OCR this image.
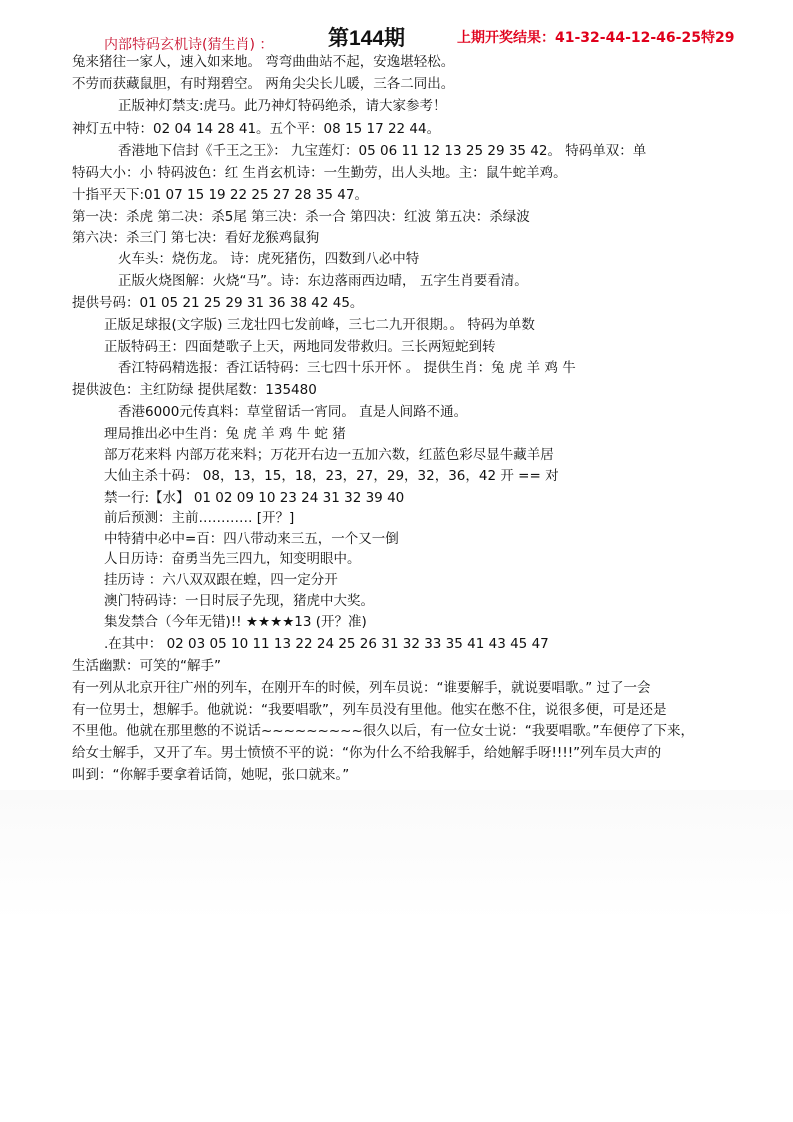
内部特码玄机诗(猜生肖) ：	第144期	上期开奖结果：41-32-44-12-46-25特29
兔来猪往一家人，速入如来地。 弯弯曲曲站不起，安逸堪轻松。
不劳而获藏鼠胆，有时翔碧空。 两角尖尖长儿暖，三各二同出。
正版神灯禁支:虎马。此乃神灯特码绝杀，请大家参考！
神灯五中特：02 04 14 28 41。五个平：08 15 17 22 44。
香港地下信封《千王之王》： 九宝莲灯：05 06 11 12 13 25 29 35 42。 特码单双：单
特码大小：小 特码波色：红 生肖玄机诗：一生勤劳，出人头地。主：鼠牛蛇羊鸡。
十指平天下:01 07 15 19 22 25 27 28 35 47。
第一决：杀虎 第二决：杀5尾 第三决：杀一合 第四决：红波 第五决：杀绿波
第六决：杀三门 第七决：看好龙猴鸡鼠狗
火车头：烧伤龙。 诗：虎死猪伤，四数到八必中特
正版火烧图解：火烧“马”。诗：东边落雨西边晴， 五字生肖要看清。
提供号码：01 05 21 25 29 31 36 38 42 45。
正版足球报(文字版) 三龙壮四七发前峰，三七二九开很期。。 特码为单数
正版特码王：四面楚歌子上天，两地同发带救归。三长两短蛇到转
香江特码精选报：香江话特码：三七四十乐开怀 。 提供生肖：兔 虎 羊 鸡 牛
提供波色：主红防绿 提供尾数：135480
香港6000元传真料：草堂留话一宵同。 直是人间路不通。
理局推出必中生肖：兔 虎 羊 鸡 牛 蛇 猪
部万花来料 内部万花来料；万花开右边一五加六数，红蓝色彩尽显牛藏羊居
大仙主杀十码： 08，13，15，18，23，27，29，32，36，42 开 == 对
禁一行:【水】 01 02 09 10 23 24 31 32 39 40
前后预测：主前………… [开？]
中特猜中必中=百：四八带动来三五，一个又一倒
人日历诗：奋勇当先三四九，知变明眼中。
挂历诗 ：六八双双跟在蝗，四一定分开
澳门特码诗：一日时辰子先现，猪虎中大奖。
集发禁合（今年无错)!! ★★★★13 (开？准)
.在其中： 02 03 05 10 11 13 22 24 25 26 31 32 33 35 41 43 45 47
生活幽默：可笑的“解手”
有一列从北京开往广州的列车，在刚开车的时候，列车员说：“谁要解手，就说要唱歌。” 过了一会
有一位男士，想解手。他就说：“我要唱歌”，列车员没有里他。他实在憋不住，说很多便，可是还是
不里他。他就在那里憋的不说话~~~~~~~~~很久以后，有一位女士说：“我要唱歌。”车便停了下来，
给女士解手，又开了车。男士愤愤不平的说：“你为什么不给我解手，给她解手呀!!!!”列车员大声的
叫到：“你解手要拿着话筒，她呢，张口就来。”
